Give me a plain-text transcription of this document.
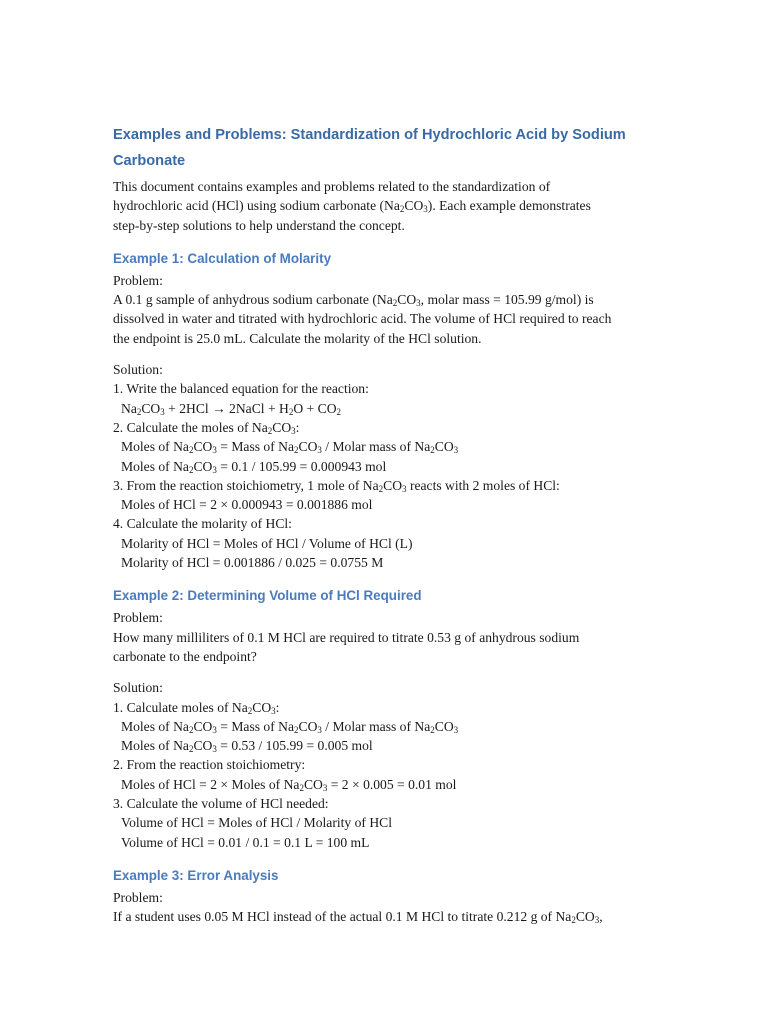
Examples and Problems: Standardization of Hydrochloric Acid by Sodium Carbonate
This document contains examples and problems related to the standardization of
hydrochloric acid (HCl) using sodium carbonate $(Na_2CO_3)$. Each example demonstrates
step-by-step solutions to help understand the concept.
Example 1: Calculation of Molarity
Problem:
A 0.1 g sample of anhydrous sodium carbonate ($Na_2CO_3$, molar mass = 105.99 g/mol) is
dissolved in water and titrated with hydrochloric acid. The volume of HCl required to reach
the endpoint is 25.0 mL. Calculate the molarity of the HCl solution.
Solution:
1. Write the balanced equation for the reaction:
$Na_2CO_3 + 2HCl$ → 2NaCl + $H_2O + CO_2$
2. Calculate the moles of $Na_2CO_3$:
Moles of $Na_2CO_3$ = Mass of $Na_2CO_3$ / Molar mass of $Na_2CO_3$
Moles of $Na_2CO_3 = 0.1 / 105.99 = 0.000943$ mol
3. From the reaction stoichiometry, 1 mole of $Na_2CO_3$ reacts with 2 moles of HCl:
Moles of HCl = 2 × 0.000943 = 0.001886 mol
4. Calculate the molarity of HCl:
Molarity of HCl = Moles of HCl / Volume of HCl (L)
Molarity of HCl = 0.001886 / 0.025 = 0.0755 M
Example 2: Determining Volume of HCl Required
Problem:
How many milliliters of 0.1 M HCl are required to titrate 0.53 g of anhydrous sodium
carbonate to the endpoint?
Solution:
1. Calculate moles of $Na_2CO_3$:
Moles of $Na_2CO_3$ = Mass of $Na_2CO_3$ / Molar mass of $Na_2CO_3$
Moles of $Na_2CO_3 = 0.53 / 105.99 = 0.005$ mol
2. From the reaction stoichiometry:
Moles of HCl = 2 × Moles of $Na_2CO_3 = 2 \times 0.005 = 0.01$ mol
3. Calculate the volume of HCl needed:
Volume of HCl = Moles of HCl / Molarity of HCl
Volume of HCl = 0.01 / 0.1 = 0.1 L = 100 mL
Example 3: Error Analysis
Problem:
If a student uses 0.05 M HCl instead of the actual 0.1 M HCl to titrate 0.212 g of $Na_2CO_3$,
